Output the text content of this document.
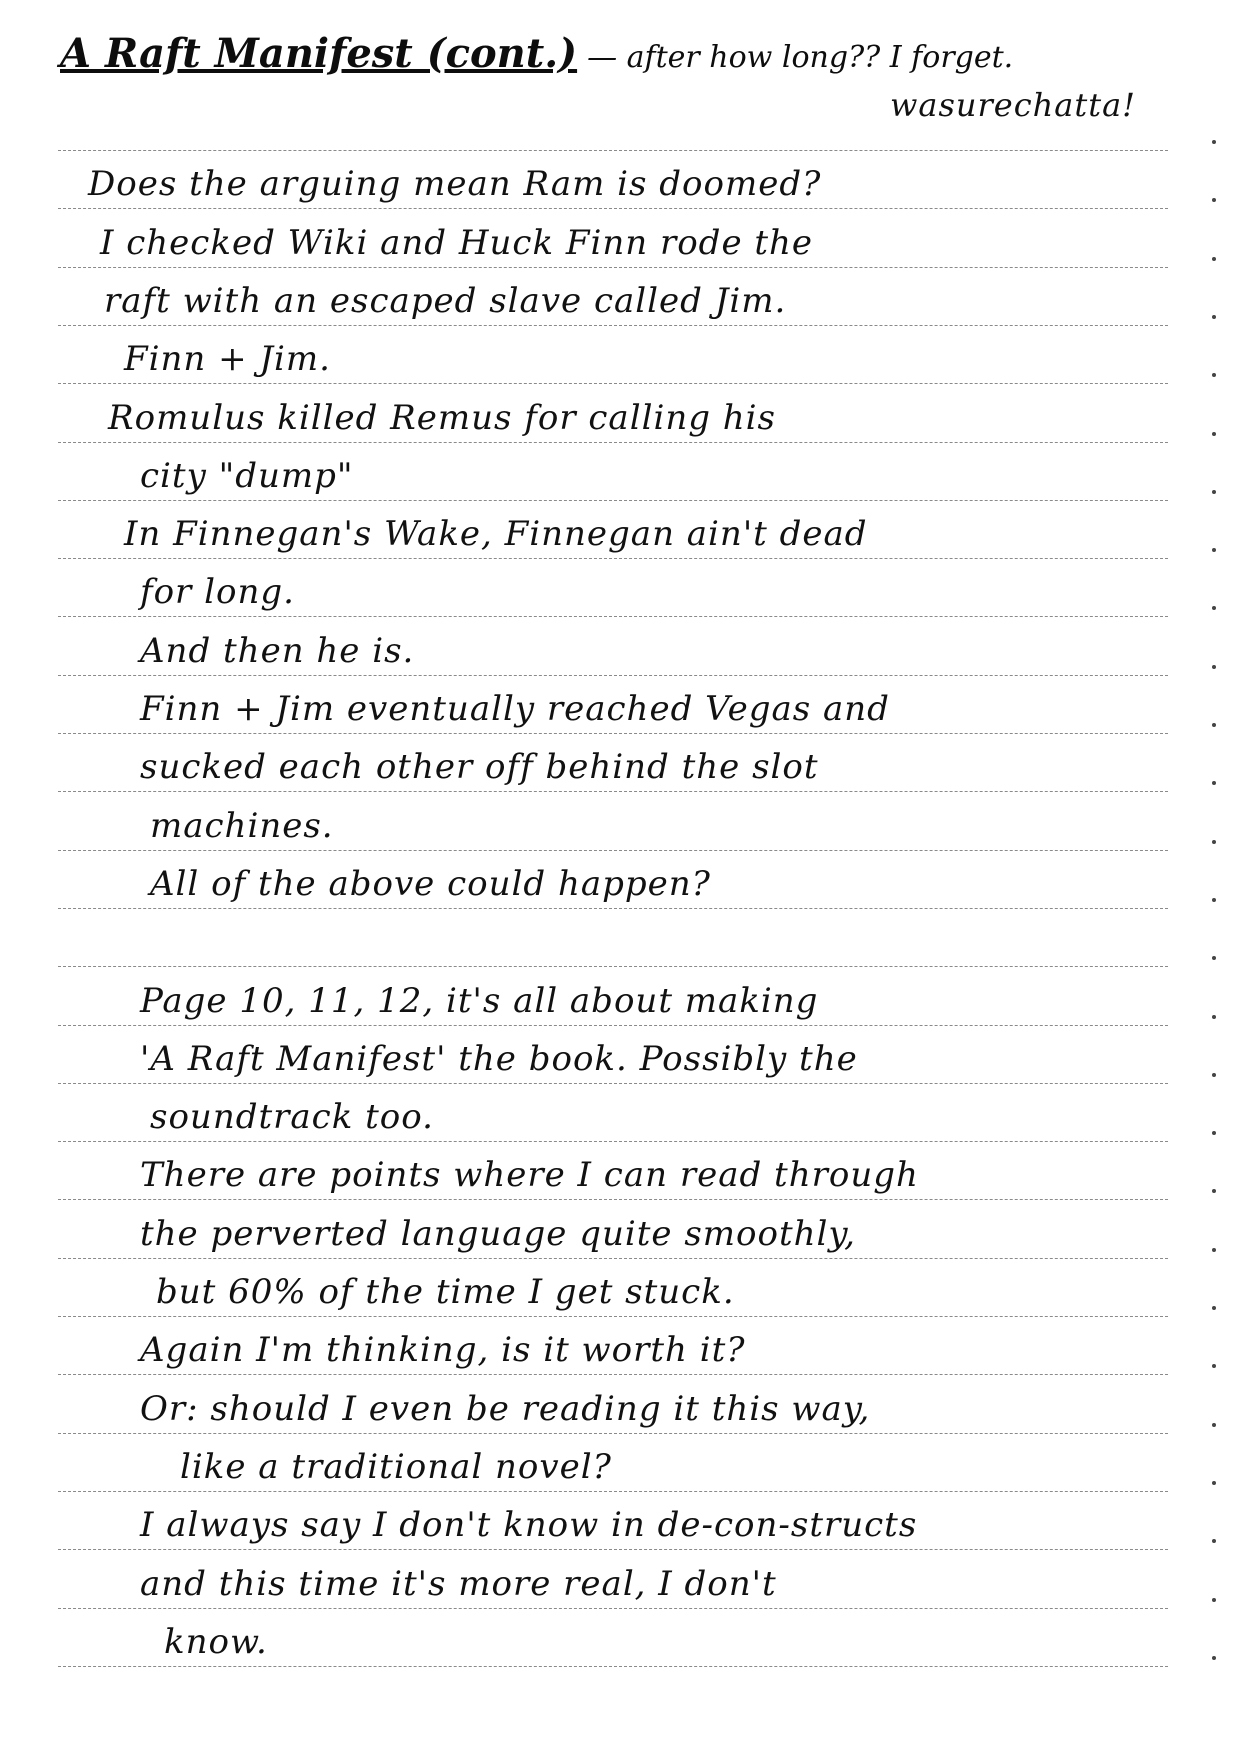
A Raft Manifest (cont.) — after how long?? I forget.
wasurechatta!
Does the arguing mean Ram is doomed?
I checked Wiki and Huck Finn rode the
raft with an escaped slave called Jim.
Finn + Jim.
Romulus killed Remus for calling his
city "dump"
In Finnegan's Wake, Finnegan ain't dead
for long.
And then he is.
Finn + Jim eventually reached Vegas and
sucked each other off behind the slot
machines.
All of the above could happen?
Page 10, 11, 12, it's all about making
'A Raft Manifest' the book. Possibly the
soundtrack too.
There are points where I can read through
the perverted language quite smoothly,
but 60% of the time I get stuck.
Again I'm thinking, is it worth it?
Or: should I even be reading it this way,
like a traditional novel?
I always say I don't know in de-con-structs
and this time it's more real, I don't
know.
